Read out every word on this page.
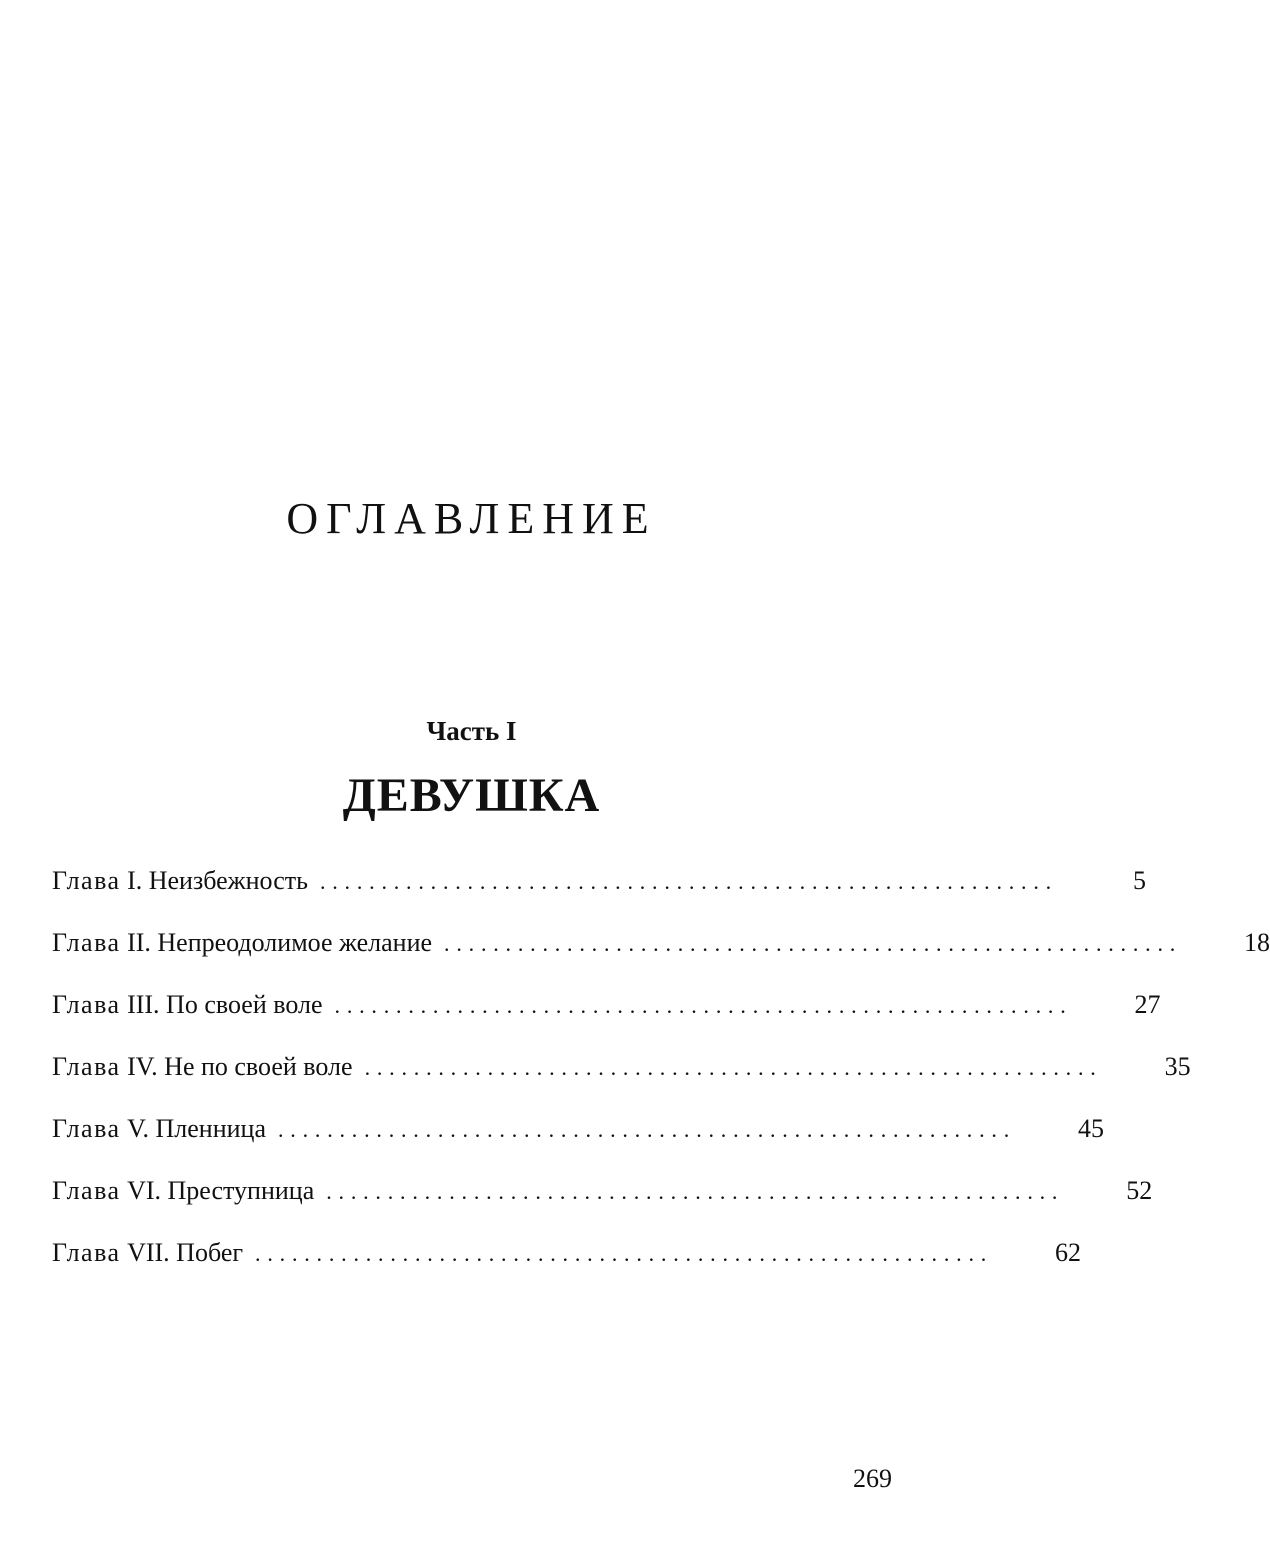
ОГЛАВЛЕНИЕ
Часть I
ДЕВУШКА
Глава I. Неизбежность ............................................................	5
Глава II. Непреодолимое желание ............................................................	18
Глава III. По своей воле ............................................................	27
Глава IV. Не по своей воле ............................................................	35
Глава V. Пленница ............................................................	45
Глава VI. Преступница ............................................................	52
Глава VII. Побег ............................................................	62

269
